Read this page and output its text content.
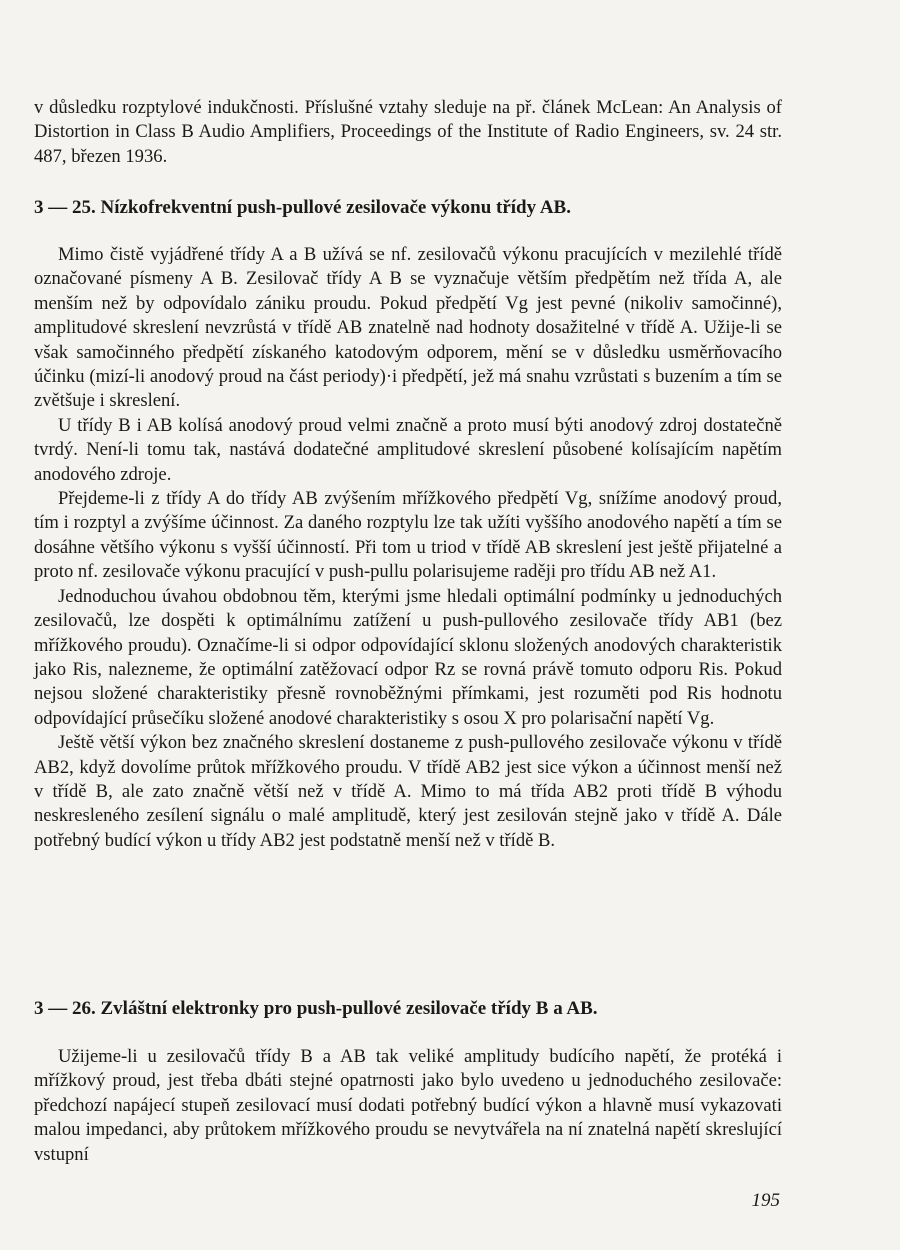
v důsledku rozptylové indukčnosti. Příslušné vztahy sleduje na př. článek McLean: An Analysis of Distortion in Class B Audio Amplifiers, Proceedings of the Institute of Radio Engineers, sv. 24 str. 487, březen 1936.

3 — 25. Nízkofrekventní push-pullové zesilovače výkonu třídy AB.

Mimo čistě vyjádřené třídy A a B užívá se nf. zesilovačů výkonu pracujících v mezilehlé třídě označované písmeny A B. Zesilovač třídy A B se vyznačuje větším předpětím než třída A, ale menším než by odpovídalo zániku proudu. Pokud předpětí Vg jest pevné (nikoliv samočinné), amplitudové skreslení nevzrůstá v třídě AB znatelně nad hodnoty dosažitelné v třídě A. Užije-li se však samočinného předpětí získaného katodovým odporem, mění se v důsledku usměrňovacího účinku (mizí-li anodový proud na část periody)·i předpětí, jež má snahu vzrůstati s buzením a tím se zvětšuje i skreslení.

U třídy B i AB kolísá anodový proud velmi značně a proto musí býti anodový zdroj dostatečně tvrdý. Není-li tomu tak, nastává dodatečné amplitudové skreslení působené kolísajícím napětím anodového zdroje.

Přejdeme-li z třídy A do třídy AB zvýšením mřížkového předpětí Vg, snížíme anodový proud, tím i rozptyl a zvýšíme účinnost. Za daného rozptylu lze tak užíti vyššího anodového napětí a tím se dosáhne většího výkonu s vyšší účinností. Při tom u triod v třídě AB skreslení jest ještě přijatelné a proto nf. zesilovače výkonu pracující v push-pullu polarisujeme raději pro třídu AB než A1.

Jednoduchou úvahou obdobnou těm, kterými jsme hledali optimální podmínky u jednoduchých zesilovačů, lze dospěti k optimálnímu zatížení u push-pullového zesilovače třídy AB1 (bez mřížkového proudu). Označíme-li si odpor odpovídající sklonu složených anodových charakteristik jako Ris, nalezneme, že optimální zatěžovací odpor Rz se rovná právě tomuto odporu Ris. Pokud nejsou složené charakteristiky přesně rovnoběžnými přímkami, jest rozuměti pod Ris hodnotu odpovídající průsečíku složené anodové charakteristiky s osou X pro polarisační napětí Vg.

Ještě větší výkon bez značného skreslení dostaneme z push-pullového zesilovače výkonu v třídě AB2, když dovolíme průtok mřížkového proudu. V třídě AB2 jest sice výkon a účinnost menší než v třídě B, ale zato značně větší než v třídě A. Mimo to má třída AB2 proti třídě B výhodu neskresleného zesílení signálu o malé amplitudě, který jest zesilován stejně jako v třídě A. Dále potřebný budící výkon u třídy AB2 jest podstatně menší než v třídě B.

3 — 26. Zvláštní elektronky pro push-pullové zesilovače třídy B a AB.

Užijeme-li u zesilovačů třídy B a AB tak veliké amplitudy budícího napětí, že protéká i mřížkový proud, jest třeba dbáti stejné opatrnosti jako bylo uvedeno u jednoduchého zesilovače: předchozí napájecí stupeň zesilovací musí dodati potřebný budící výkon a hlavně musí vykazovati malou impedanci, aby průtokem mřížkového proudu se nevytvářela na ní znatelná napětí skreslující vstupní

195
